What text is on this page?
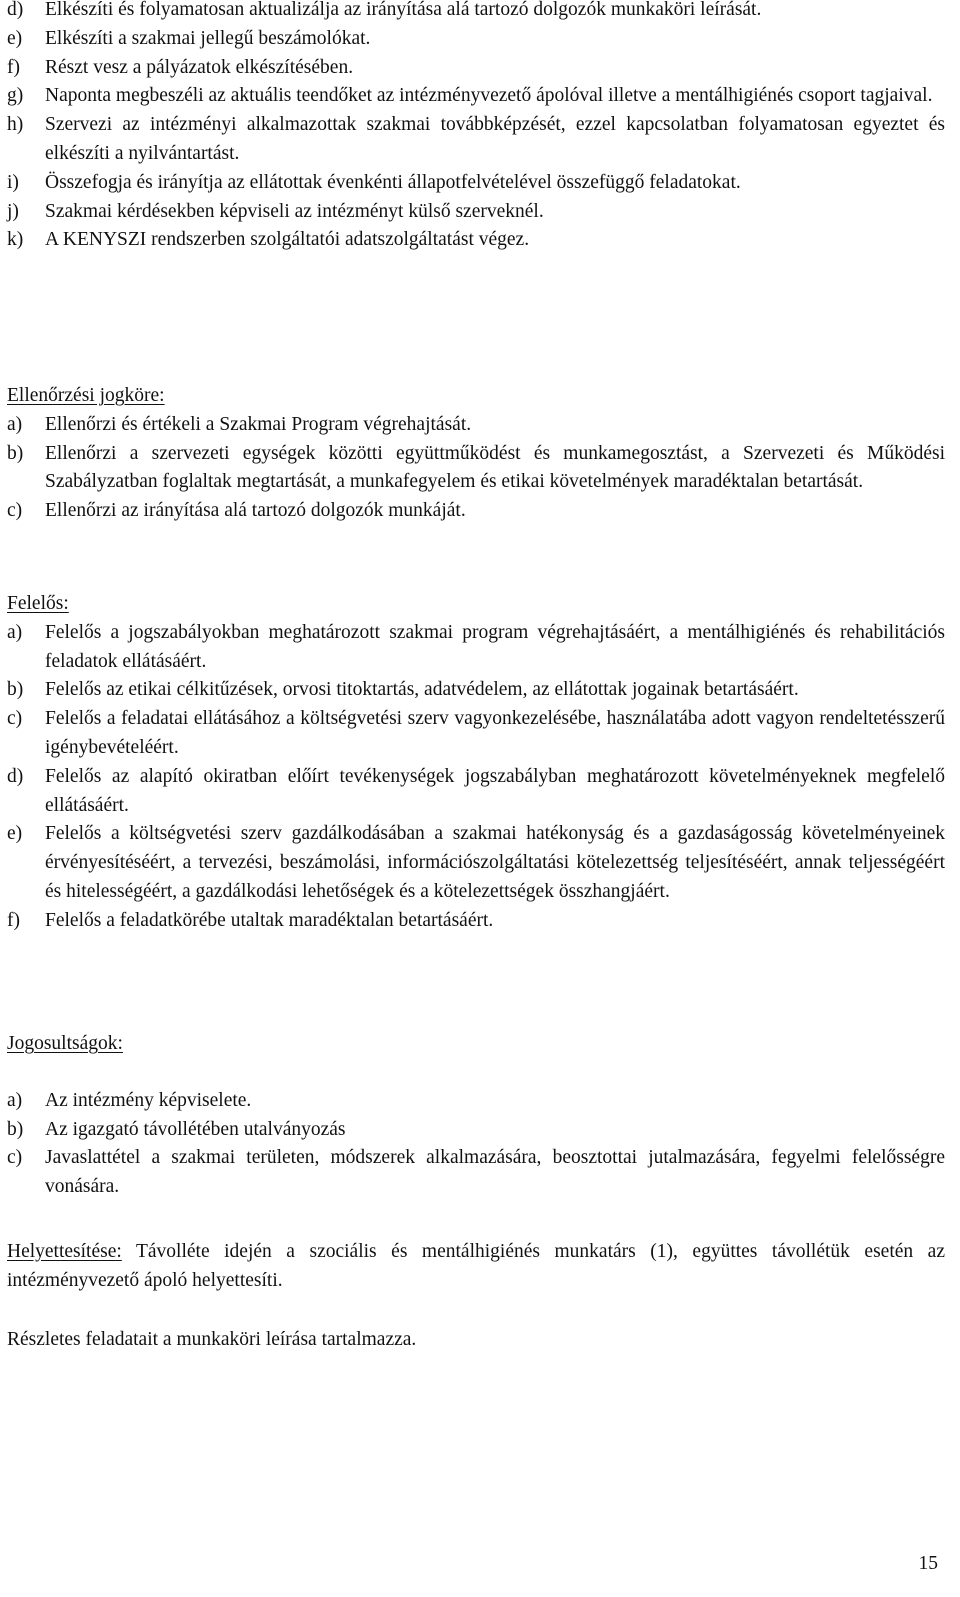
d)	Elkészíti és folyamatosan aktualizálja az irányítása alá tartozó dolgozók munkaköri leírását.
e)	Elkészíti a szakmai jellegű beszámolókat.
f)	Részt vesz a pályázatok elkészítésében.
g)	Naponta megbeszéli az aktuális teendőket az intézményvezető ápolóval illetve a mentálhigiénés csoport tagjaival.
h)	Szervezi az intézményi alkalmazottak szakmai továbbképzését, ezzel kapcsolatban folyamatosan egyeztet és elkészíti a nyilvántartást.
i)	Összefogja és irányítja az ellátottak évenkénti állapotfelvételével összefüggő feladatokat.
j)	Szakmai kérdésekben képviseli az intézményt külső szerveknél.
k)	A KENYSZI rendszerben szolgáltatói adatszolgáltatást végez.
Ellenőrzési jogköre:
a)	Ellenőrzi és értékeli a Szakmai Program végrehajtását.
b)	Ellenőrzi a szervezeti egységek közötti együttműködést és munkamegosztást, a Szervezeti és Működési Szabályzatban foglaltak megtartását, a munkafegyelem és etikai követelmények maradéktalan betartását.
c)	Ellenőrzi az irányítása alá tartozó dolgozók munkáját.
Felelős:
a)	Felelős a jogszabályokban meghatározott szakmai program végrehajtásáért, a mentálhigiénés és rehabilitációs feladatok ellátásáért.
b)	Felelős az etikai célkitűzések, orvosi titoktartás, adatvédelem, az ellátottak jogainak betartásáért.
c)	Felelős a feladatai ellátásához a költségvetési szerv vagyonkezelésébe, használatába adott vagyon rendeltetésszerű igénybevételéért.
d)	Felelős az alapító okiratban előírt tevékenységek jogszabályban meghatározott követelményeknek megfelelő ellátásáért.
e)	Felelős a költségvetési szerv gazdálkodásában a szakmai hatékonyság és a gazdaságosság követelményeinek érvényesítéséért, a tervezési, beszámolási, információszolgáltatási kötelezettség teljesítéséért, annak teljességéért és hitelességéért, a gazdálkodási lehetőségek és a kötelezettségek összhangjáért.
f)	Felelős a feladatkörébe utaltak maradéktalan betartásáért.
Jogosultságok:
a)	Az intézmény képviselete.
b)	Az igazgató távollétében utalványozás
c)	Javaslattétel a szakmai területen, módszerek alkalmazására, beosztottai jutalmazására, fegyelmi felelősségre vonására.
Helyettesítése: Távolléte idején a szociális és mentálhigiénés munkatárs (1), együttes távollétük esetén az intézményvezető ápoló helyettesíti.
Részletes feladatait a munkaköri leírása tartalmazza.
15
